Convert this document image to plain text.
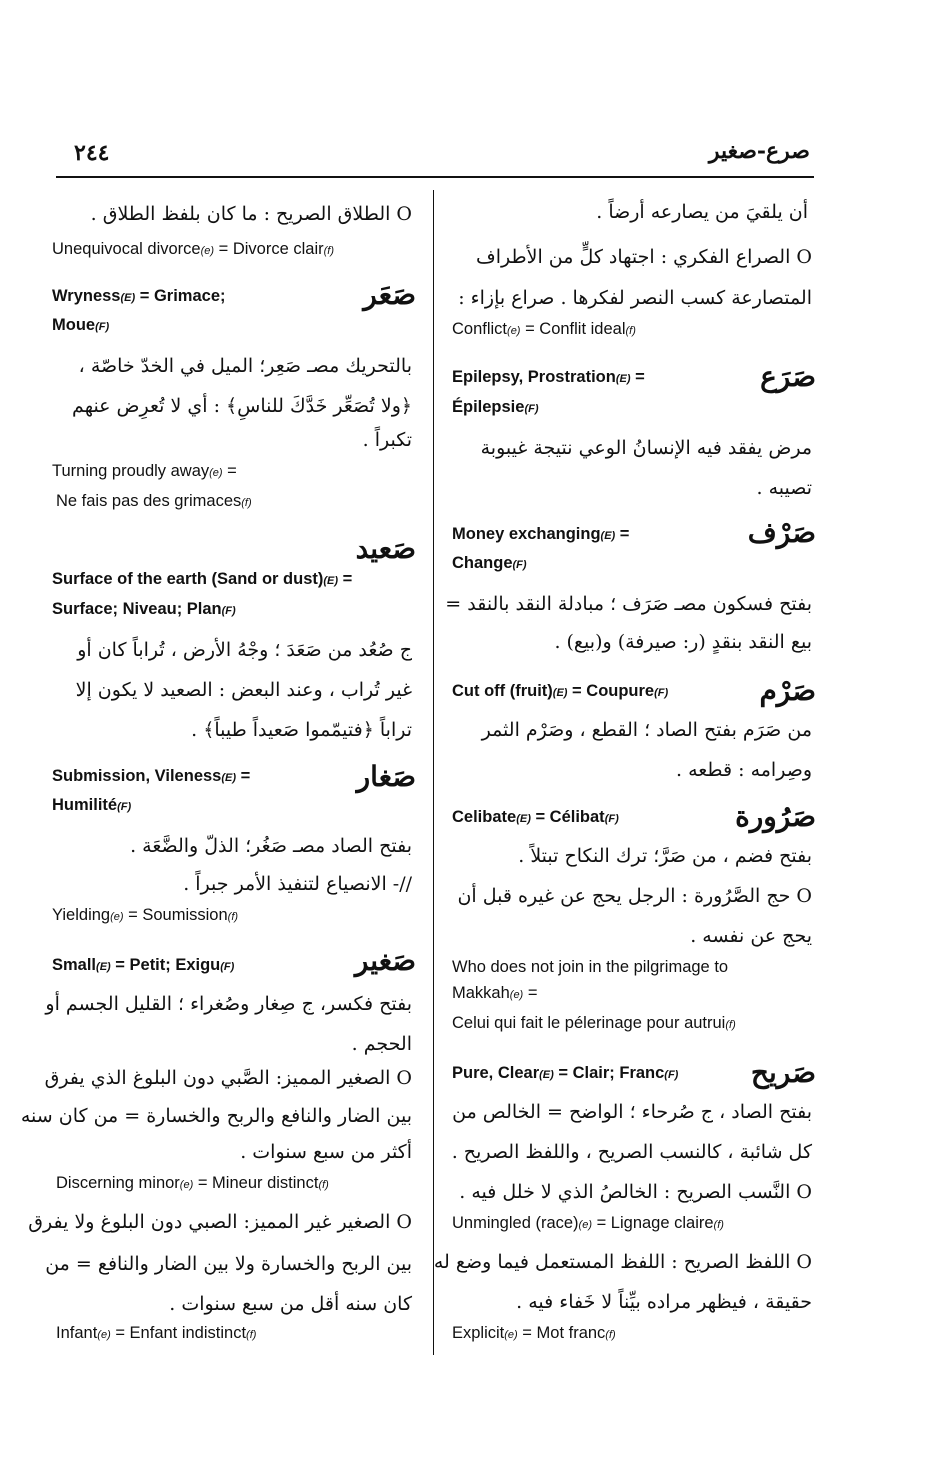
٢٤٤	صرع-صغير
أن يلقيَ من يصارعه أرضاً .
O الصراع الفكري : اجتهاد كلٍّ من الأطراف
المتصارعة كسب النصر لفكرها . صراع بإزاء :
Conflict(e) = Conflit ideal(f)
صَرَع
Epilepsy, Prostration(E) =
Épilepsie(F)
مرض يفقد فيه الإنسانُ الوعي نتيجة غيبوبة
تصيبه .
صَرْف
Money exchanging(E) =
Change(F)
بفتح فسكون مصـ صَرَف ؛ مبادلة النقد بالنقد =
بيع النقد بنقدٍ (ر: صيرفة) و(بيع) .
صَرْم
Cut off (fruit)(E) = Coupure(F)
من صَرَم بفتح الصاد ؛ القطع ، وصَرْم الثمر
وصِرامه : قطعه .
صَرُورة
Celibate(E) = Célibat(F)
بفتح فضم ، من صَرَّ؛ ترك النكاح تبتلاً .
O حج الصَّرُورة : الرجل يحج عن غيره قبل أن
يحج عن نفسه .
Who does not join in the pilgrimage to
Makkah(e) =
Celui qui fait le pélerinage pour autrui(f)
صَريح
Pure, Clear(E) = Clair; Franc(F)
بفتح الصاد ، ج صُرحاء ؛ الواضح = الخالص من
كل شائبة ، كالنسب الصريح ، واللفظ الصريح .
O النَّسب الصريح : الخالصُ الذي لا خلل فيه .
Unmingled (race)(e) = Lignage claire(f)
O اللفظ الصريح : اللفظ المستعمل فيما وضع له
حقيقة ، فيظهر مراده بيِّناً لا خَفاء فيه .
Explicit(e) = Mot franc(f)
O الطلاق الصريح : ما كان بلفظ الطلاق .
Unequivocal divorce(e) = Divorce clair(f)
صَعَر
Wryness(E) = Grimace;
Moue(F)
بالتحريك مصـ صَعِر؛ الميل في الخدّ خاصّة ،
﴿ولا تُصَعِّر خَدَّكَ للناسِ﴾ : أي لا تُعرِض عنهم
تكبراً .
Turning proudly away(e) =
Ne fais pas des grimaces(f)
صَعيد
Surface of the earth (Sand or dust)(E) =
Surface; Niveau; Plan(F)
ج صُعُد من صَعَدَ ؛ وجْهُ الأرض ، تُراباً كان أو
غير تُراب ، وعند البعض : الصعيد لا يكون إلا
تراباً ﴿فتيمّموا صَعيداً طيباً﴾ .
صَغار
Submission, Vileness(E) =
Humilité(F)
بفتح الصاد مصـ صَغُر؛ الذلّ والضَّعَة .
//- الانصياع لتنفيذ الأمر جبراً .
Yielding(e) = Soumission(f)
صَغير
Small(E) = Petit; Exigu(F)
بفتح فكسر، ج صِغار وصُغراء ؛ القليل الجسم أو
الحجم .
O الصغير المميز: الصَّبي دون البلوغ الذي يفرق
بين الضار والنافع والربح والخسارة = من كان سنه
أكثر من سبع سنوات .
Discerning minor(e) = Mineur distinct(f)
O الصغير غير المميز: الصبي دون البلوغ ولا يفرق
بين الربح والخسارة ولا بين الضار والنافع = من
كان سنه أقل من سبع سنوات .
Infant(e) = Enfant indistinct(f)
